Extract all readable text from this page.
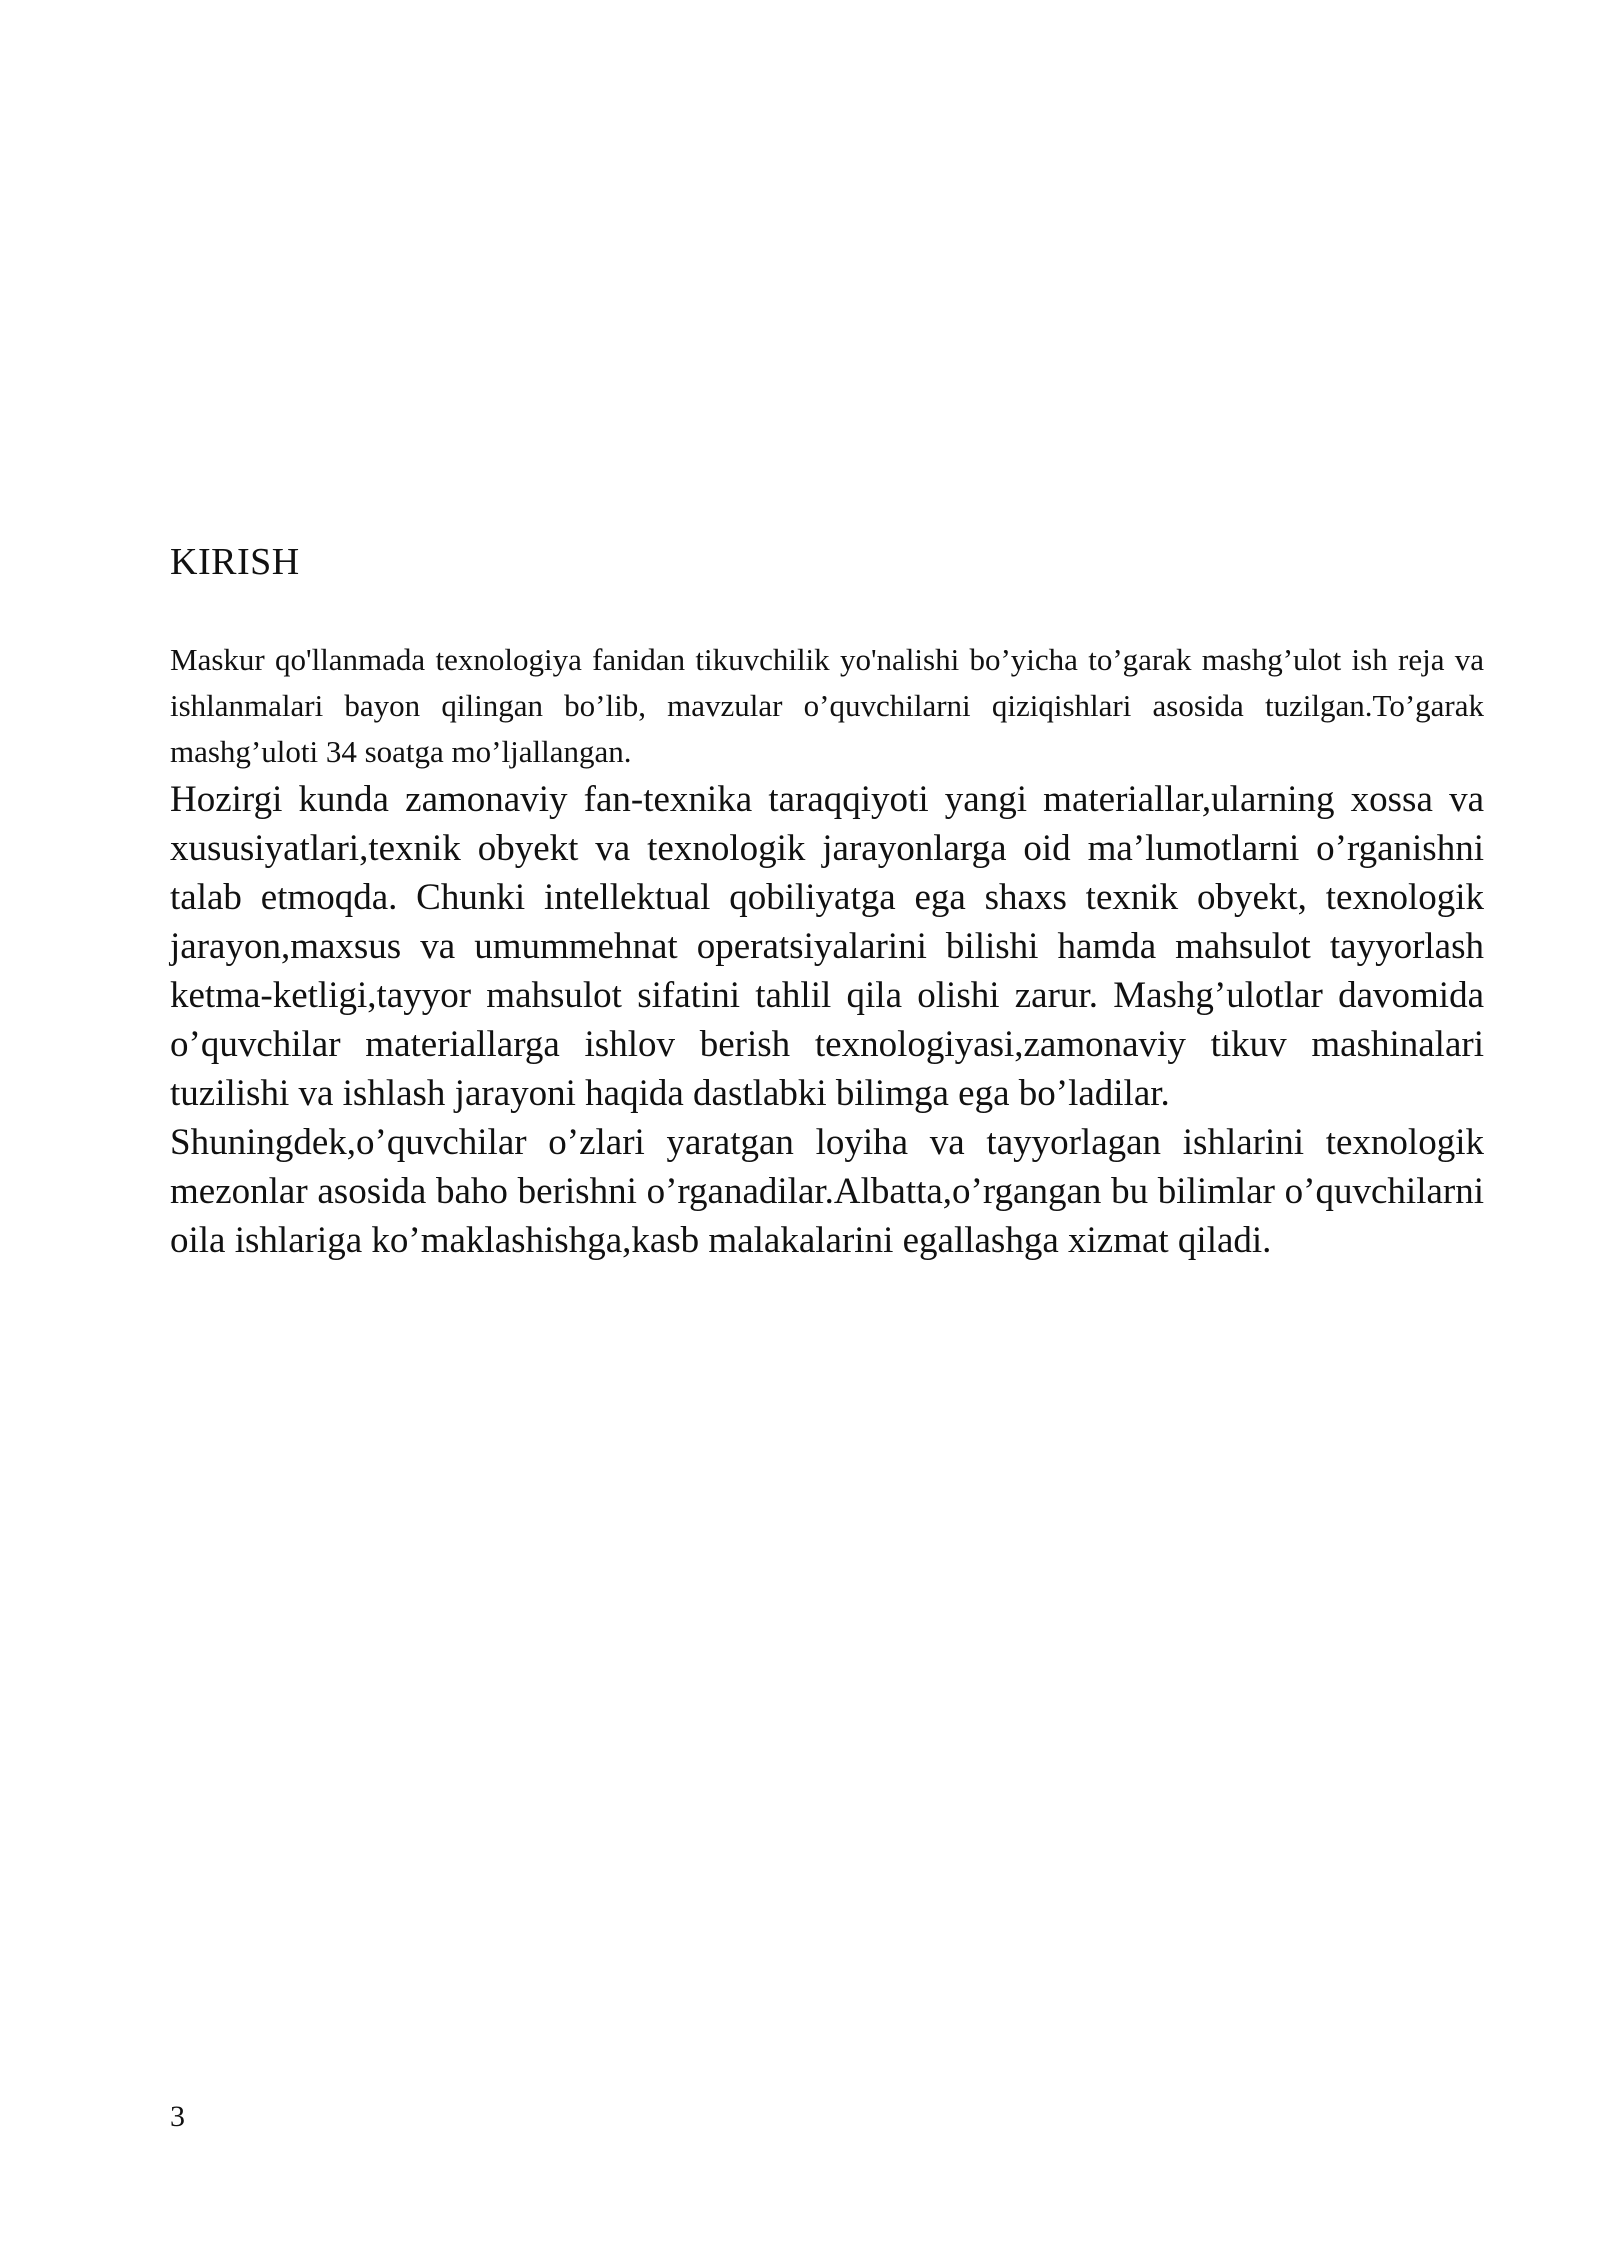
KIRISH

Maskur qo'llanmada texnologiya fanidan tikuvchilik yo'nalishi bo’yicha to’garak mashg’ulot ish reja va ishlanmalari bayon qilingan bo’lib, mavzular o’quvchilarni qiziqishlari asosida tuzilgan.To’garak mashg’uloti 34 soatga mo’ljallangan.

Hozirgi kunda zamonaviy fan-texnika taraqqiyoti yangi materiallar,ularning xossa va xususiyatlari,texnik obyekt va texnologik jarayonlarga oid ma’lumotlarni o’rganishni talab etmoqda. Chunki intellektual qobiliyatga ega shaxs texnik obyekt, texnologik jarayon,maxsus va umummehnat operatsiyalarini bilishi hamda mahsulot tayyorlash ketma-ketligi,tayyor mahsulot sifatini tahlil qila olishi zarur. Mashg’ulotlar davomida o’quvchilar materiallarga ishlov berish texnologiyasi,zamonaviy tikuv mashinalari tuzilishi va ishlash jarayoni haqida dastlabki bilimga ega bo’ladilar.

Shuningdek,o’quvchilar o’zlari yaratgan loyiha va tayyorlagan ishlarini texnologik mezonlar asosida baho berishni o’rganadilar.Albatta,o’rgangan bu bilimlar o’quvchilarni oila ishlariga ko’maklashishga,kasb malakalarini egallashga xizmat qiladi.

3
